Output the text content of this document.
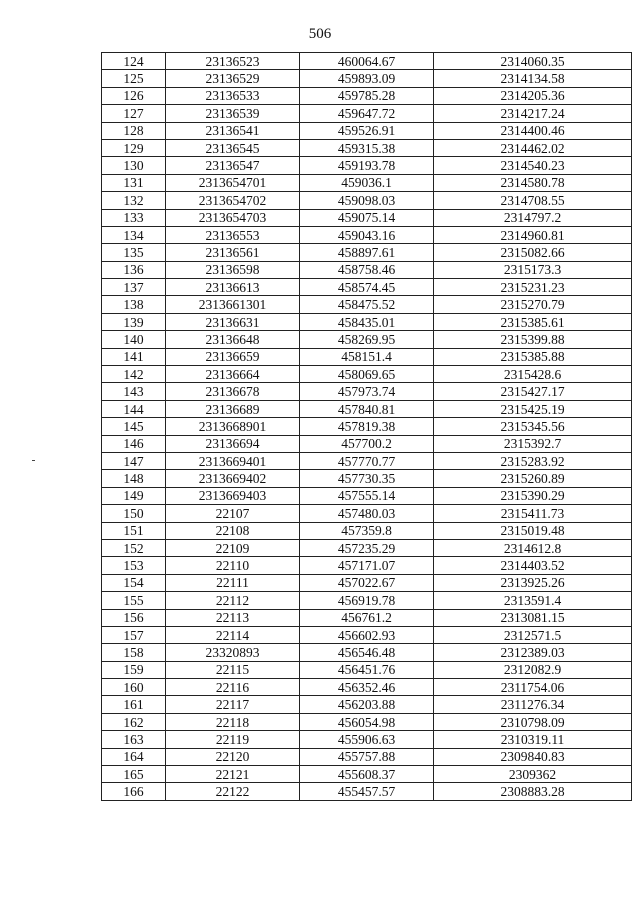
506
124	23136523	460064.67	2314060.35
125	23136529	459893.09	2314134.58
126	23136533	459785.28	2314205.36
127	23136539	459647.72	2314217.24
128	23136541	459526.91	2314400.46
129	23136545	459315.38	2314462.02
130	23136547	459193.78	2314540.23
131	2313654701	459036.1	2314580.78
132	2313654702	459098.03	2314708.55
133	2313654703	459075.14	2314797.2
134	23136553	459043.16	2314960.81
135	23136561	458897.61	2315082.66
136	23136598	458758.46	2315173.3
137	23136613	458574.45	2315231.23
138	2313661301	458475.52	2315270.79
139	23136631	458435.01	2315385.61
140	23136648	458269.95	2315399.88
141	23136659	458151.4	2315385.88
142	23136664	458069.65	2315428.6
143	23136678	457973.74	2315427.17
144	23136689	457840.81	2315425.19
145	2313668901	457819.38	2315345.56
146	23136694	457700.2	2315392.7
147	2313669401	457770.77	2315283.92
148	2313669402	457730.35	2315260.89
149	2313669403	457555.14	2315390.29
150	22107	457480.03	2315411.73
151	22108	457359.8	2315019.48
152	22109	457235.29	2314612.8
153	22110	457171.07	2314403.52
154	22111	457022.67	2313925.26
155	22112	456919.78	2313591.4
156	22113	456761.2	2313081.15
157	22114	456602.93	2312571.5
158	23320893	456546.48	2312389.03
159	22115	456451.76	2312082.9
160	22116	456352.46	2311754.06
161	22117	456203.88	2311276.34
162	22118	456054.98	2310798.09
163	22119	455906.63	2310319.11
164	22120	455757.88	2309840.83
165	22121	455608.37	2309362
166	22122	455457.57	2308883.28
